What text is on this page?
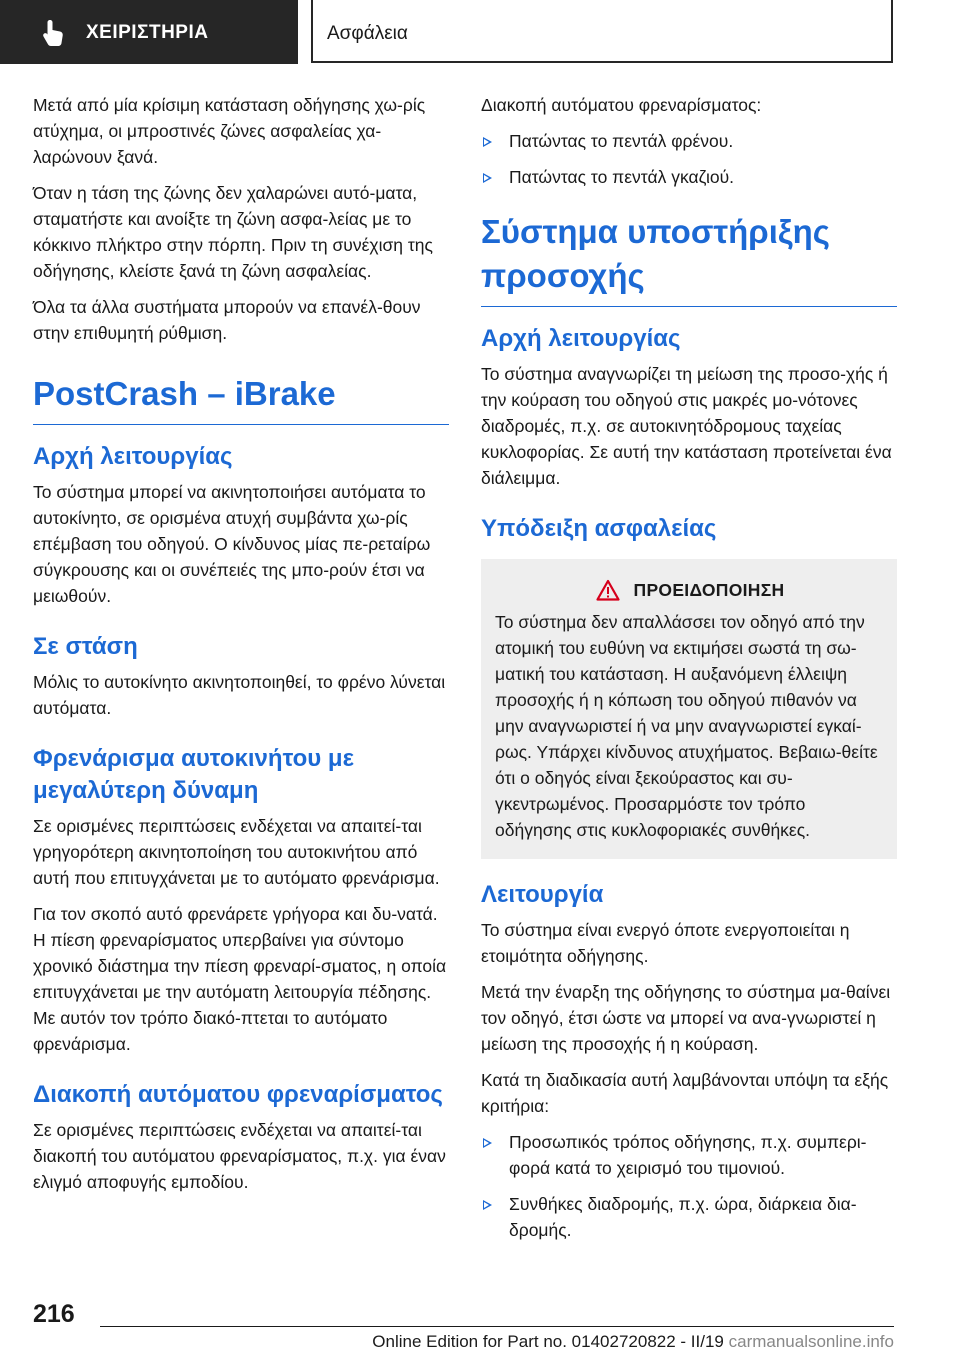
ΧΕΙΡΙΣΤΗΡΙΑ	Ασφάλεια

Μετά από μία κρίσιμη κατάσταση οδήγησης χω-ρίς ατύχημα, οι μπροστινές ζώνες ασφαλείας χα-λαρώνουν ξανά.

Όταν η τάση της ζώνης δεν χαλαρώνει αυτό-ματα, σταματήστε και ανοίξτε τη ζώνη ασφα-λείας με το κόκκινο πλήκτρο στην πόρπη. Πριν τη συνέχιση της οδήγησης, κλείστε ξανά τη ζώνη ασφαλείας.

Όλα τα άλλα συστήματα μπορούν να επανέλ-θουν στην επιθυμητή ρύθμιση.

PostCrash – iBrake
Αρχή λειτουργίας

Το σύστημα μπορεί να ακινητοποιήσει αυτόματα το αυτοκίνητο, σε ορισμένα ατυχή συμβάντα χω-ρίς επέμβαση του οδηγού. Ο κίνδυνος μίας πε-ρεταίρω σύγκρουσης και οι συνέπειές της μπο-ρούν έτσι να μειωθούν.

Σε στάση

Μόλις το αυτοκίνητο ακινητοποιηθεί, το φρένο λύνεται αυτόματα.

Φρενάρισμα αυτοκινήτου με μεγαλύτερη δύναμη

Σε ορισμένες περιπτώσεις ενδέχεται να απαιτεί-ται γρηγορότερη ακινητοποίηση του αυτοκινήτου από αυτή που επιτυγχάνεται με το αυτόματο φρενάρισμα.

Για τον σκοπό αυτό φρενάρετε γρήγορα και δυ-νατά. Η πίεση φρεναρίσματος υπερβαίνει για σύντομο χρονικό διάστημα την πίεση φρεναρί-σματος, η οποία επιτυγχάνεται με την αυτόματη λειτουργία πέδησης. Με αυτόν τον τρόπο διακό-πτεται το αυτόματο φρενάρισμα.

Διακοπή αυτόματου φρεναρίσματος

Σε ορισμένες περιπτώσεις ενδέχεται να απαιτεί-ται διακοπή του αυτόματου φρεναρίσματος, π.χ. για έναν ελιγμό αποφυγής εμποδίου.

Διακοπή αυτόματου φρεναρίσματος:

Πατώντας το πεντάλ φρένου.
Πατώντας το πεντάλ γκαζιού.
Σύστημα υποστήριξης προσοχής
Αρχή λειτουργίας

Το σύστημα αναγνωρίζει τη μείωση της προσο-χής ή την κούραση του οδηγού στις μακρές μο-νότονες διαδρομές, π.χ. σε αυτοκινητόδρομους ταχείας κυκλοφορίας. Σε αυτή την κατάσταση προτείνεται ένα διάλειμμα.

Υπόδειξη ασφαλείας
ΠΡΟΕΙΔΟΠΟΙΗΣΗ

Το σύστημα δεν απαλλάσσει τον οδηγό από την ατομική του ευθύνη να εκτιμήσει σωστά τη σω-ματική του κατάσταση. Η αυξανόμενη έλλειψη προσοχής ή η κόπωση του οδηγού πιθανόν να μην αναγνωριστεί ή να μην αναγνωριστεί εγκαί-ρως. Υπάρχει κίνδυνος ατυχήματος. Βεβαιω-θείτε ότι ο οδηγός είναι ξεκούραστος και συ-γκεντρωμένος. Προσαρμόστε τον τρόπο οδήγησης στις κυκλοφοριακές συνθήκες.

Λειτουργία

Το σύστημα είναι ενεργό όποτε ενεργοποιείται η ετοιμότητα οδήγησης.

Μετά την έναρξη της οδήγησης το σύστημα μα-θαίνει τον οδηγό, έτσι ώστε να μπορεί να ανα-γνωριστεί η μείωση της προσοχής ή η κούραση.

Κατά τη διαδικασία αυτή λαμβάνονται υπόψη τα εξής κριτήρια:

Προσωπικός τρόπος οδήγησης, π.χ. συμπερι-φορά κατά το χειρισμό του τιμονιού.
Συνθήκες διαδρομής, π.χ. ώρα, διάρκεια δια-δρομής.
216
Online Edition for Part no. 01402720822 - II/19 carmanualsonline.info
